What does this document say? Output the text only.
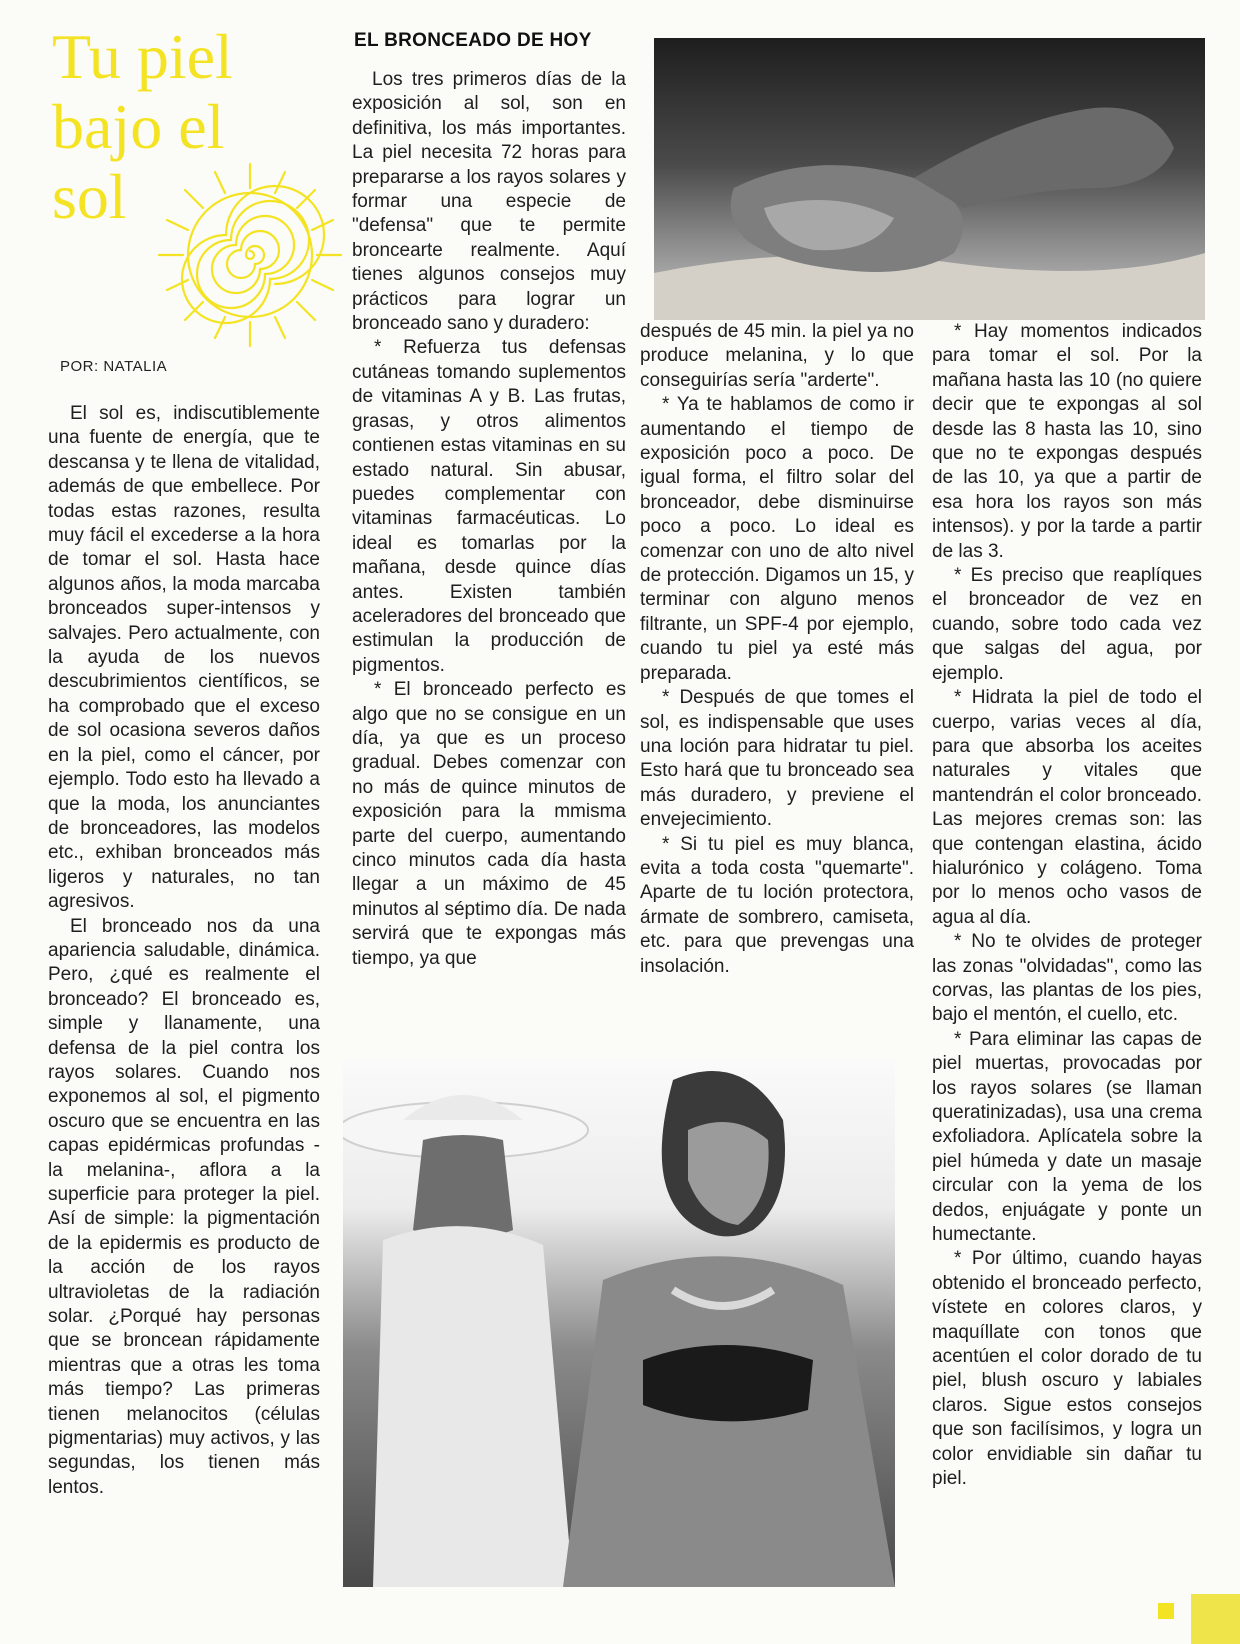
Tu piel
bajo el
sol
POR: NATALIA
EL BRONCEADO DE HOY

El sol es, indiscutiblemente una fuente de energía, que te descansa y te llena de vitalidad, además de que embellece. Por todas estas razones, resulta muy fácil el excederse a la hora de tomar el sol. Hasta hace algunos años, la moda marcaba bronceados super-intensos y salvajes. Pero actualmente, con la ayuda de los nuevos descubrimientos científicos, se ha comprobado que el exceso de sol ocasiona severos daños en la piel, como el cáncer, por ejemplo. Todo esto ha llevado a que la moda, los anunciantes de bronceadores, las modelos etc., exhiban bronceados más ligeros y naturales, no tan agresivos.

El bronceado nos da una apariencia saludable, dinámica. Pero, ¿qué es realmente el bronceado? El bronceado es, simple y llanamente, una defensa de la piel contra los rayos solares. Cuando nos exponemos al sol, el pigmento oscuro que se encuentra en las capas epidérmicas profundas -la melanina-, aflora a la superficie para proteger la piel. Así de simple: la pigmentación de la epidermis es producto de la acción de los rayos ultravioletas de la radiación solar. ¿Porqué hay personas que se broncean rápidamente mientras que a otras les toma más tiempo? Las primeras tienen melanocitos (células pigmentarias) muy activos, y las segundas, los tienen más lentos.

Los tres primeros días de la exposición al sol, son en definitiva, los más importantes. La piel necesita 72 horas para prepararse a los rayos solares y formar una especie de "defensa" que te permite broncearte realmente. Aquí tienes algunos consejos muy prácticos para lograr un bronceado sano y duradero:

* Refuerza tus defensas cutáneas tomando suplementos de vitaminas A y B. Las frutas, grasas, y otros alimentos contienen estas vitaminas en su estado natural. Sin abusar, puedes complementar con vitaminas farmacéuticas. Lo ideal es tomarlas por la mañana, desde quince días antes. Existen también aceleradores del bronceado que estimulan la producción de pigmentos.

* El bronceado perfecto es algo que no se consigue en un día, ya que es un proceso gradual. Debes comenzar con no más de quince minutos de exposición para la mmisma parte del cuerpo, aumentando cinco minutos cada día hasta llegar a un máximo de 45 minutos al séptimo día. De nada servirá que te expongas más tiempo, ya que

después de 45 min. la piel ya no produce melanina, y lo que conseguirías sería "arderte".

* Ya te hablamos de como ir aumentando el tiempo de exposición poco a poco. De igual forma, el filtro solar del bronceador, debe disminuirse poco a poco. Lo ideal es comenzar con uno de alto nivel de protección. Digamos un 15, y terminar con alguno menos filtrante, un SPF-4 por ejemplo, cuando tu piel ya esté más preparada.

* Después de que tomes el sol, es indispensable que uses una loción para hidratar tu piel. Esto hará que tu bronceado sea más duradero, y previene el envejecimiento.

* Si tu piel es muy blanca, evita a toda costa "quemarte". Aparte de tu loción protectora, ármate de sombrero, camiseta, etc. para que prevengas una insolación.

* Hay momentos indicados para tomar el sol. Por la mañana hasta las 10 (no quiere decir que te expongas al sol desde las 8 hasta las 10, sino que no te expongas después de las 10, ya que a partir de esa hora los rayos son más intensos). y por la tarde a partir de las 3.

* Es preciso que reaplíques el bronceador de vez en cuando, sobre todo cada vez que salgas del agua, por ejemplo.

* Hidrata la piel de todo el cuerpo, varias veces al día, para que absorba los aceites naturales y vitales que mantendrán el color bronceado. Las mejores cremas son: las que contengan elastina, ácido hialurónico y colágeno. Toma por lo menos ocho vasos de agua al día.

* No te olvides de proteger las zonas "olvidadas", como las corvas, las plantas de los pies, bajo el mentón, el cuello, etc.

* Para eliminar las capas de piel muertas, provocadas por los rayos solares (se llaman queratinizadas), usa una crema exfoliadora. Aplícatela sobre la piel húmeda y date un masaje circular con la yema de los dedos, enjuágate y ponte un humectante.

* Por último, cuando hayas obtenido el bronceado perfecto, vístete en colores claros, y maquíllate con tonos que acentúen el color dorado de tu piel, blush oscuro y labiales claros. Sigue estos consejos que son facilísimos, y logra un color envidiable sin dañar tu piel.
